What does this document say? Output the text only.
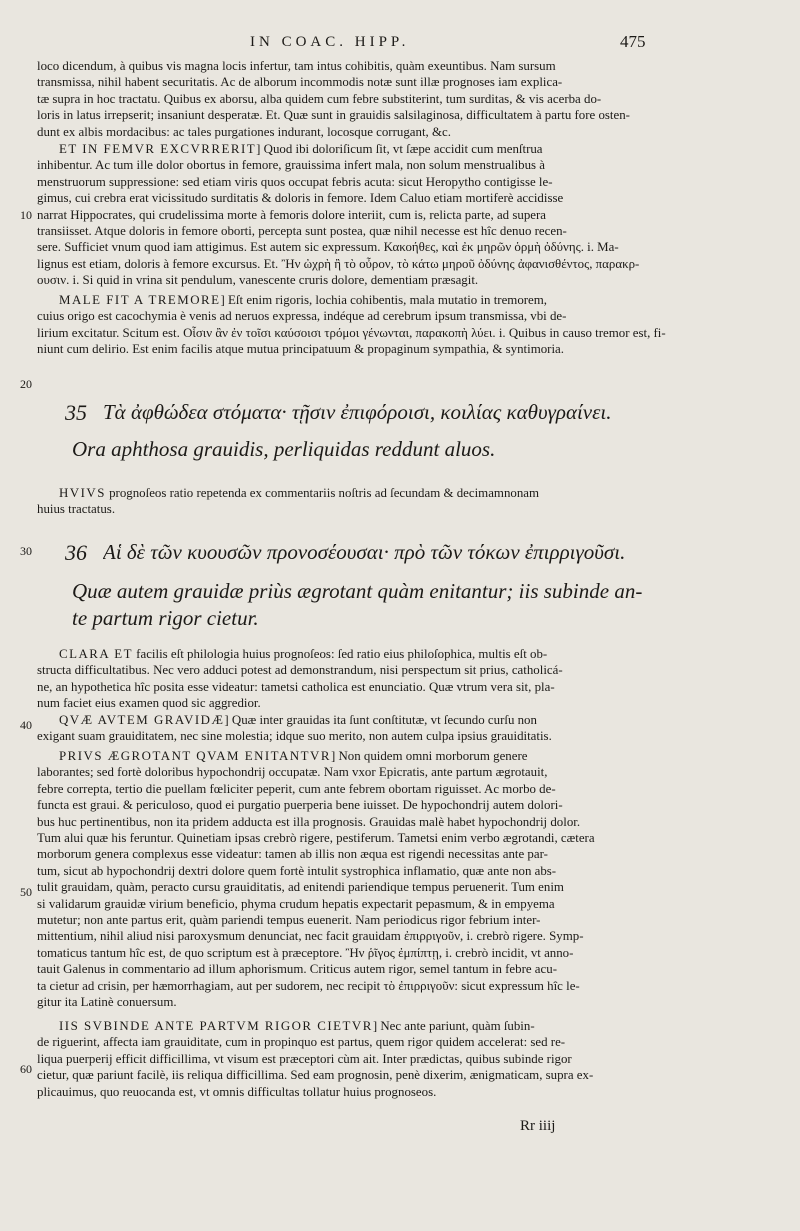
IN COAC. HIPP.	475
10
20
30
40
50
60
loco dicendum, à quibus vis magna locis infertur, tam intus cohibitis, quàm exeuntibus. Nam sursum
transmissa, nihil habent securitatis. Ac de alborum incommodis notæ sunt illæ prognoses iam explica-
tæ supra in hoc tractatu. Quibus ex aborsu, alba quidem cum febre substiterint, tum surditas, & vis acerba do-
loris in latus irrepserit; insaniunt desperatæ. Et. Quæ sunt in grauidis salsilaginosa, difficultatem à partu fore osten-
dunt ex albis mordacibus: ac tales purgationes indurant, locosque corrugant, &c.
ET IN FEMVR EXCVRRERIT] Quod ibi doloriſicum ſit, vt ſæpe accidit cum menſtrua
inhibentur. Ac tum ille dolor obortus in femore, grauissima infert mala, non solum menstrualibus à
menstruorum suppressione: sed etiam viris quos occupat febris acuta: sicut Heropytho contigisse le-
gimus, cui crebra erat vicissitudo surditatis & doloris in femore. Idem Caluo etiam mortiferè accidisse
narrat Hippocrates, qui crudelissima morte à femoris dolore interiit, cum is, relicta parte, ad supera
transiisset. Atque doloris in femore oborti, percepta sunt postea, quæ nihil necesse est hîc denuo recen-
sere. Sufficiet vnum quod iam attigimus. Est autem sic expressum. Κακοήθες, καὶ ἐκ μηρῶν ὁρμὴ ὀδύνης. i. Ma-
lignus est etiam, doloris à femore excursus. Et. Ἢν ὠχρὴ ἢ τὸ οὖρον, τὸ κάτω μηροῦ ὀδύνης ἀφανισθέντος, παρακρ-
ουσιν. i. Si quid in vrina sit pendulum, vanescente cruris dolore, dementiam præsagit.
MALE FIT A TREMORE] Eſt enim rigoris, lochia cohibentis, mala mutatio in tremorem,
cuius origo est cacochymia è venis ad neruos expressa, indéque ad cerebrum ipsum transmissa, vbi de-
lirium excitatur. Scitum est. Οἷσιν ἂν ἐν τοῖσι καύσοισι τρόμοι γένωνται, παρακοπὴ λύει. i. Quibus in causo tremor est, fi-
niunt cum delirio. Est enim facilis atque mutua principatuum & propaginum sympathia, & syntimoria.
35 Τὰ ἀφθώδεα στόματα· τῇσιν ἐπιφόροισι, κοιλίας καθυγραίνει.
Ora aphthosa grauidis, perliquidas reddunt aluos.
HVIVS prognoſeos ratio repetenda ex commentariis noſtris ad ſecundam & decimamnonam
huius tractatus.
36 Αἱ δὲ τῶν κυουσῶν προνοσέουσαι· πρὸ τῶν τόκων ἐπιρριγοῦσι.
Quæ autem grauidæ priùs ægrotant quàm enitantur; iis subinde an-
te partum rigor cietur.
CLARA ET facilis eſt philologia huius prognoſeos: ſed ratio eius philoſophica, multis eſt ob-
structa difficultatibus. Nec vero adduci potest ad demonstrandum, nisi perspectum sit prius, catholicá-
ne, an hypothetica hîc posita esse videatur: tametsi catholica est enunciatio. Quæ vtrum vera sit, pla-
num faciet eius examen quod sic aggredior.
QVÆ AVTEM GRAVIDÆ] Quæ inter grauidas ita ſunt conſtitutæ, vt ſecundo curſu non
exigant suam grauiditatem, nec sine molestia; idque suo merito, non autem culpa ipsius grauiditatis.
PRIVS ÆGROTANT QVAM ENITANTVR] Non quidem omni morborum genere
laborantes; sed fortè doloribus hypochondrij occupatæ. Nam vxor Epicratis, ante partum ægrotauit,
febre correpta, tertio die puellam fœliciter peperit, cum ante febrem obortam riguisset. Ac morbo de-
functa est graui. & periculoso, quod ei purgatio puerperia bene iuisset. De hypochondrij autem dolori-
bus huc pertinentibus, non ita pridem adducta est illa prognosis. Grauidas malè habet hypochondrij dolor.
Tum alui quæ his feruntur. Quinetiam ipsas crebrò rigere, pestiferum. Tametsi enim verbo ægrotandi, cætera
morborum genera complexus esse videatur: tamen ab illis non æqua est rigendi necessitas ante par-
tum, sicut ab hypochondrij dextri dolore quem fortè intulit systrophica inflamatio, quæ ante non abs-
tulit grauidam, quàm, peracto cursu grauiditatis, ad enitendi pariendique tempus peruenerit. Tum enim
si validarum grauidæ virium beneficio, phyma crudum hepatis expectarit pepasmum, & in empyema
mutetur; non ante partus erit, quàm pariendi tempus euenerit. Nam periodicus rigor febrium inter-
mittentium, nihil aliud nisi paroxysmum denunciat, nec facit grauidam ἐπιρριγοῦν, i. crebrò rigere. Symp-
tomaticus tantum hîc est, de quo scriptum est à præceptore. Ἢν ῥῖγος ἐμπίπτῃ, i. crebrò incidit, vt anno-
tauit Galenus in commentario ad illum aphorismum. Criticus autem rigor, semel tantum in febre acu-
ta cietur ad crisin, per hæmorrhagiam, aut per sudorem, nec recipit τὸ ἐπιρριγοῦν: sicut expressum hîc le-
gitur ita Latinè conuersum.
IIS SVBINDE ANTE PARTVM RIGOR CIETVR] Nec ante pariunt, quàm ſubin-
de riguerint, affecta iam grauiditate, cum in propinquo est partus, quem rigor quidem accelerat: sed re-
liqua puerperij efficit difficillima, vt visum est præceptori cùm ait. Inter prædictas, quibus subinde rigor
cietur, quæ pariunt facilè, iis reliqua difficillima. Sed eam prognosin, penè dixerim, ænigmaticam, supra ex-
plicauimus, quo reuocanda est, vt omnis difficultas tollatur huius prognoseos.
Rr iiij
